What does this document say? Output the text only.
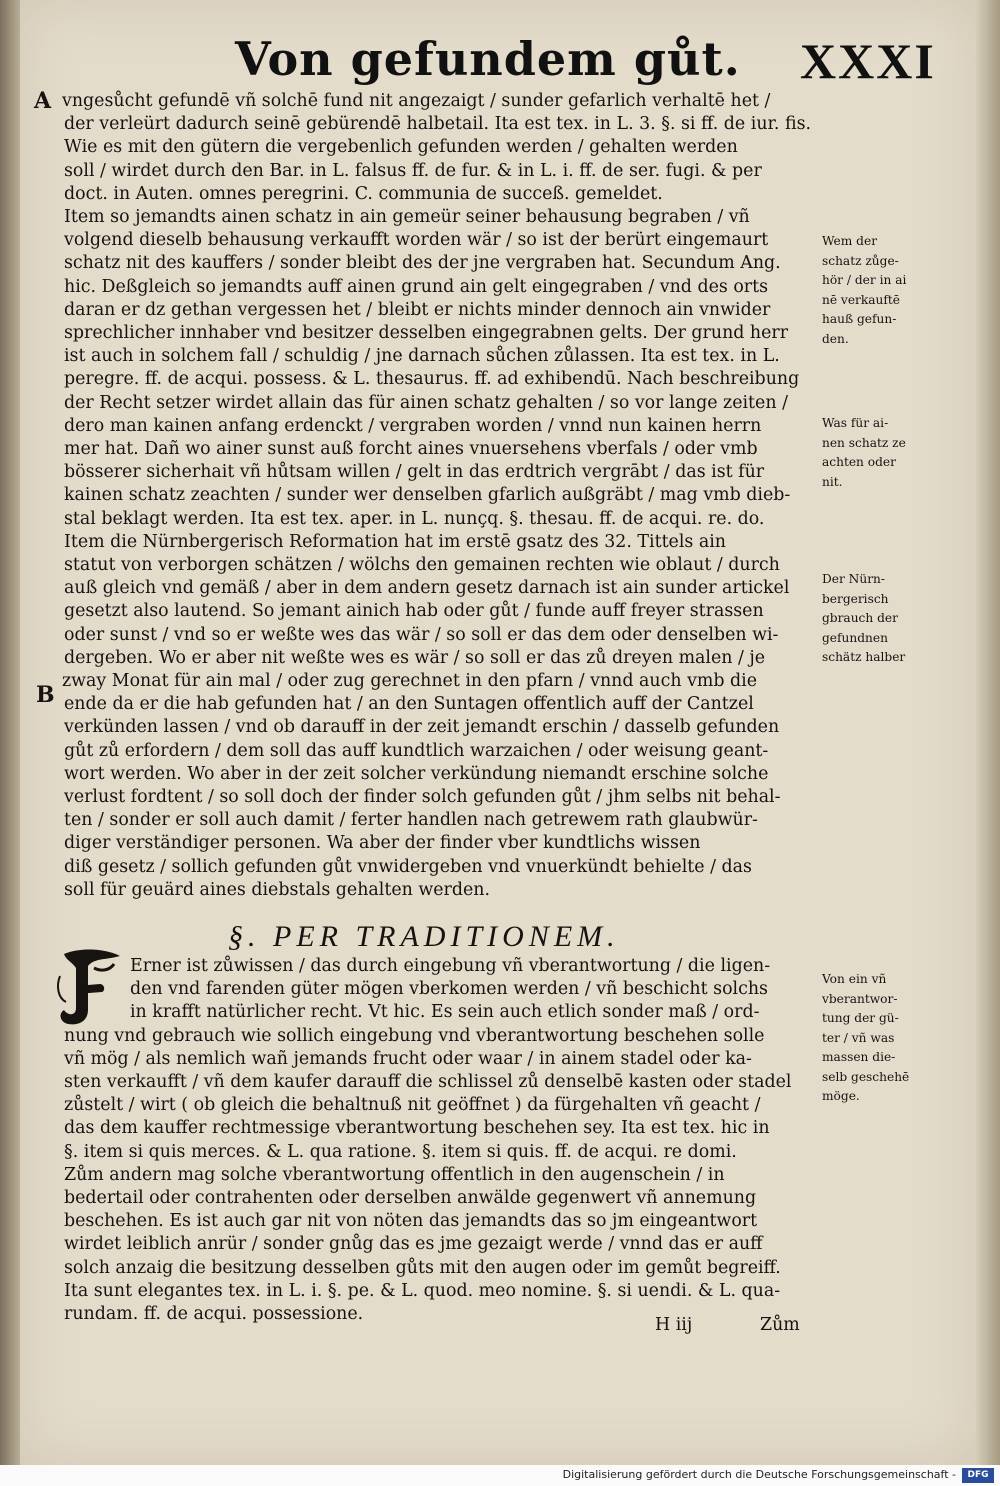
Von gefundem gůt. XXXI
A
B
vngesůcht gefundē vñ solchē fund nit angezaigt / sunder gefarlich verhaltē het /
der verleürt dadurch seinē gebürendē halbetail. Ita est tex. in L. 3. §. si ff. de iur. fis.
Wie es mit den gütern die vergebenlich gefunden werden / gehalten werden
soll / wirdet durch den Bar. in L. falsus ff. de fur. & in L. i. ff. de ser. fugi. & per
doct. in Auten. omnes peregrini. C. communia de succeß. gemeldet.
Item so jemandts ainen schatz in ain gemeür seiner behausung begraben / vñ
volgend dieselb behausung verkaufft worden wär / so ist der berürt eingemaurt
schatz nit des kauffers / sonder bleibt des der jne vergraben hat. Secundum Ang.
hic. Deßgleich so jemandts auff ainen grund ain gelt eingegraben / vnd des orts
daran er dz gethan vergessen het / bleibt er nichts minder dennoch ain vnwider
sprechlicher innhaber vnd besitzer desselben eingegrabnen gelts. Der grund herr
ist auch in solchem fall / schuldig / jne darnach sůchen zůlassen. Ita est tex. in L.
peregre. ff. de acqui. possess. & L. thesaurus. ff. ad exhibendū. Nach beschreibung
der Recht setzer wirdet allain das für ainen schatz gehalten / so vor lange zeiten /
dero man kainen anfang erdenckt / vergraben worden / vnnd nun kainen herrn
mer hat. Dañ wo ainer sunst auß forcht aines vnuersehens vberfals / oder vmb
bösserer sicherhait vñ hůtsam willen / gelt in das erdtrich vergrābt / das ist für
kainen schatz zeachten / sunder wer denselben gfarlich außgräbt / mag vmb dieb-
stal beklagt werden. Ita est tex. aper. in L. nunçq. §. thesau. ff. de acqui. re. do.
Item die Nürnbergerisch Reformation hat im erstē gsatz des 32. Tittels ain
statut von verborgen schätzen / wölchs den gemainen rechten wie oblaut / durch
auß gleich vnd gemäß / aber in dem andern gesetz darnach ist ain sunder artickel
gesetzt also lautend. So jemant ainich hab oder gůt / funde auff freyer strassen
oder sunst / vnd so er weßte wes das wär / so soll er das dem oder denselben wi-
dergeben. Wo er aber nit weßte wes es wär / so soll er das zů dreyen malen / je
zway Monat für ain mal / oder zug gerechnet in den pfarn / vnnd auch vmb die
ende da er die hab gefunden hat / an den Suntagen offentlich auff der Cantzel
verkünden lassen / vnd ob darauff in der zeit jemandt erschin / dasselb gefunden
gůt zů erfordern / dem soll das auff kundtlich warzaichen / oder weisung geant-
wort werden. Wo aber in der zeit solcher verkündung niemandt erschine solche
verlust fordtent / so soll doch der finder solch gefunden gůt / jhm selbs nit behal-
ten / sonder er soll auch damit / ferter handlen nach getrewem rath glaubwür-
diger verständiger personen. Wa aber der finder vber kundtlichs wissen
diß gesetz / sollich gefunden gůt vnwidergeben vnd vnuerkündt behielte / das
soll für geuärd aines diebstals gehalten werden.
§. PER TRADITIONEM.
F
Erner ist zůwissen / das durch eingebung vñ vberantwortung / die ligen-
den vnd farenden güter mögen vberkomen werden / vñ beschicht solchs
in krafft natürlicher recht. Vt hic. Es sein auch etlich sonder maß / ord-
nung vnd gebrauch wie sollich eingebung vnd vberantwortung beschehen solle
vñ mög / als nemlich wañ jemands frucht oder waar / in ainem stadel oder ka-
sten verkaufft / vñ dem kaufer darauff die schlissel zů denselbē kasten oder stadel
zůstelt / wirt ( ob gleich die behaltnuß nit geöffnet ) da fürgehalten vñ geacht /
das dem kauffer rechtmessige vberantwortung beschehen sey. Ita est tex. hic in
§. item si quis merces. & L. qua ratione. §. item si quis. ff. de acqui. re domi.
Zům andern mag solche vberantwortung offentlich in den augenschein / in
bedertail oder contrahenten oder derselben anwälde gegenwert vñ annemung
beschehen. Es ist auch gar nit von nöten das jemandts das so jm eingeantwort
wirdet leiblich anrür / sonder gnůg das es jme gezaigt werde / vnnd das er auff
solch anzaig die besitzung desselben gůts mit den augen oder im gemůt begreiff.
Ita sunt elegantes tex. in L. i. §. pe. & L. quod. meo nomine. §. si uendi. & L. qua-
rundam. ff. de acqui. possessione.
H iij	Zům
Wem der
schatz zůge-
hör / der in ai
nē verkauftē
hauß gefun-
den.
Was für ai-
nen schatz ze
achten oder
nit.
Der Nürn-
bergerisch
gbrauch der
gefundnen
schätz halber
Von ein vñ
vberantwor-
tung der gü-
ter / vñ was
massen die-
selb geschehē
möge.
Digitalisierung gefördert durch die Deutsche Forschungsgemeinschaft -	DFG
